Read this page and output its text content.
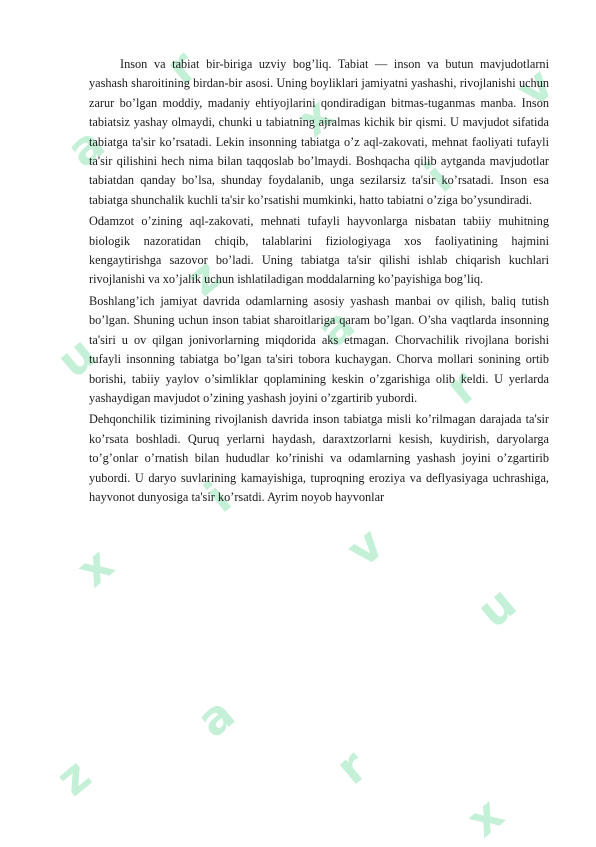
a
r
x
i
v
u
z
a
r
x
i
v
u
z
a
r
x

Inson va tabiat bir-biriga uzviy bog’liq. Tabiat — inson va butun mavjudotlarni yashash sharoitining birdan-bir asosi. Uning boyliklari jamiyatni yashashi, rivojlanishi uchun zarur bo’lgan moddiy, madaniy ehtiyojlarini qondiradigan bitmas-tuganmas manba. Inson tabiatsiz yashay olmaydi, chunki u tabiatning ajralmas kichik bir qismi. U mavjudot sifatida tabiatga ta'sir ko’rsatadi. Lekin insonning tabiatga o’z aql-zakovati, mehnat faoliyati tufayli ta'sir qilishini hech nima bilan taqqoslab bo’lmaydi. Boshqacha qilib aytganda mavjudotlar tabiatdan qanday bo’lsa, shunday foydalanib, unga sezilarsiz ta'sir ko’rsatadi. Inson esa tabiatga shunchalik kuchli ta'sir ko’rsatishi mumkinki, hatto tabiatni o’ziga bo’ysundiradi.

Odamzot o’zining aql-zakovati, mehnati tufayli hayvonlarga nisbatan tabiiy muhitning biologik nazoratidan chiqib, talablarini fiziologiyaga xos faoliyatining hajmini kengaytirishga sazovor bo’ladi. Uning tabiatga ta'sir qilishi ishlab chiqarish kuchlari rivojlanishi va xo’jalik uchun ishlatiladigan moddalarning ko’payishiga bog’liq.

Boshlang’ich jamiyat davrida odamlarning asosiy yashash manbai ov qilish, baliq tutish bo’lgan. Shuning uchun inson tabiat sharoitlariga qaram bo’lgan. O’sha vaqtlarda insonning ta'siri u ov qilgan jonivorlarning miqdorida aks etmagan. Chorvachilik rivojlana borishi tufayli insonning tabiatga bo’lgan ta'siri tobora kuchaygan. Chorva mollari sonining ortib borishi, tabiiy yaylov o’simliklar qoplamining keskin o’zgarishiga olib keldi. U yerlarda yashaydigan mavjudot o’zining yashash joyini o’zgartirib yubordi.

Dehqonchilik tizimining rivojlanish davrida inson tabiatga misli ko’rilmagan darajada ta'sir ko’rsata boshladi. Quruq yerlarni haydash, daraxtzorlarni kesish, kuydirish, daryolarga to’g’onlar o’rnatish bilan hududlar ko’rinishi va odamlarning yashash joyini o’zgartirib yubordi. U daryo suvlarining kamayishiga, tuproqning eroziya va deflyasiyaga uchrashiga, hayvonot dunyosiga ta'sir ko’rsatdi. Ayrim noyob hayvonlar
